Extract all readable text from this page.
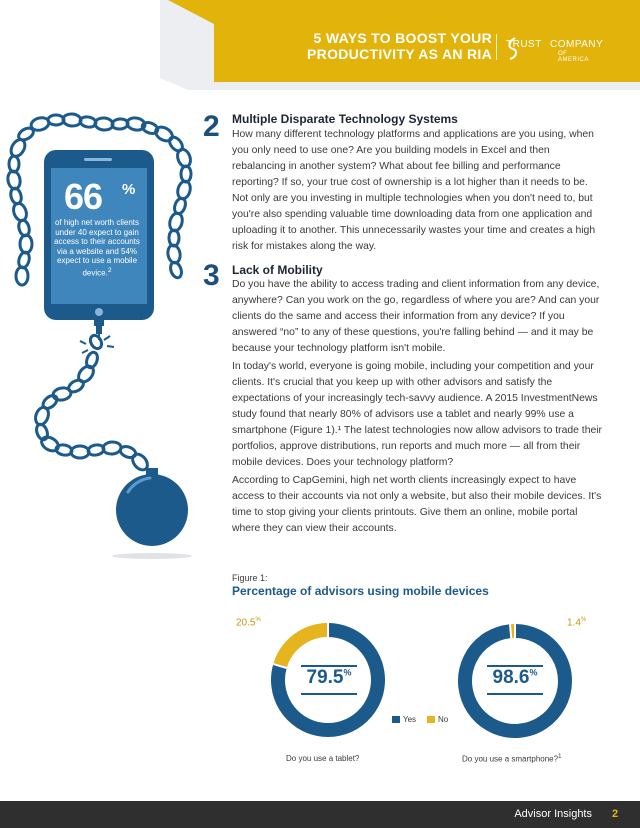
5 WAYS TO BOOST YOUR
PRODUCTIVITY AS AN RIA
TRUST COMPANY
OF AMERICA
66 %
of high net worth clients under 40 expect to gain access to their accounts via a website and 54% expect to use a mobile device.$^2$
2 Multiple Disparate Technology Systems

How many different technology platforms and applications are you using, when you only need to use one? Are you building models in Excel and then rebalancing in another system? What about fee billing and performance reporting? If so, your true cost of ownership is a lot higher than it needs to be. Not only are you investing in multiple technologies when you don't need to, but you're also spending valuable time downloading data from one application and uploading it to another. This unnecessarily wastes your time and creates a high risk for mistakes along the way.

3 Lack of Mobility

Do you have the ability to access trading and client information from any device, anywhere? Can you work on the go, regardless of where you are? And can your clients do the same and access their information from any device? If you answered “no” to any of these questions, you're falling behind — and it may be because your technology platform isn't mobile.

In today's world, everyone is going mobile, including your competition and your clients. It's crucial that you keep up with other advisors and satisfy the expectations of your increasingly tech-savvy audience. A 2015 InvestmentNews study found that nearly 80% of advisors use a tablet and nearly 99% use a smartphone (Figure 1).¹ The latest technologies now allow advisors to trade their portfolios, approve distributions, run reports and much more — all from their mobile devices. Does your technology platform?

According to CapGemini, high net worth clients increasingly expect to have access to their accounts via not only a website, but also their mobile devices. It's time to stop giving your clients printouts. Give them an online, mobile portal where they can view their accounts.

Figure 1:
Percentage of advisors using mobile devices
79.5%
20.5%
98.6%
1.4%
Yes	No
Do you use a tablet?	Do you use a smartphone?$^1$
Advisor Insights 2
